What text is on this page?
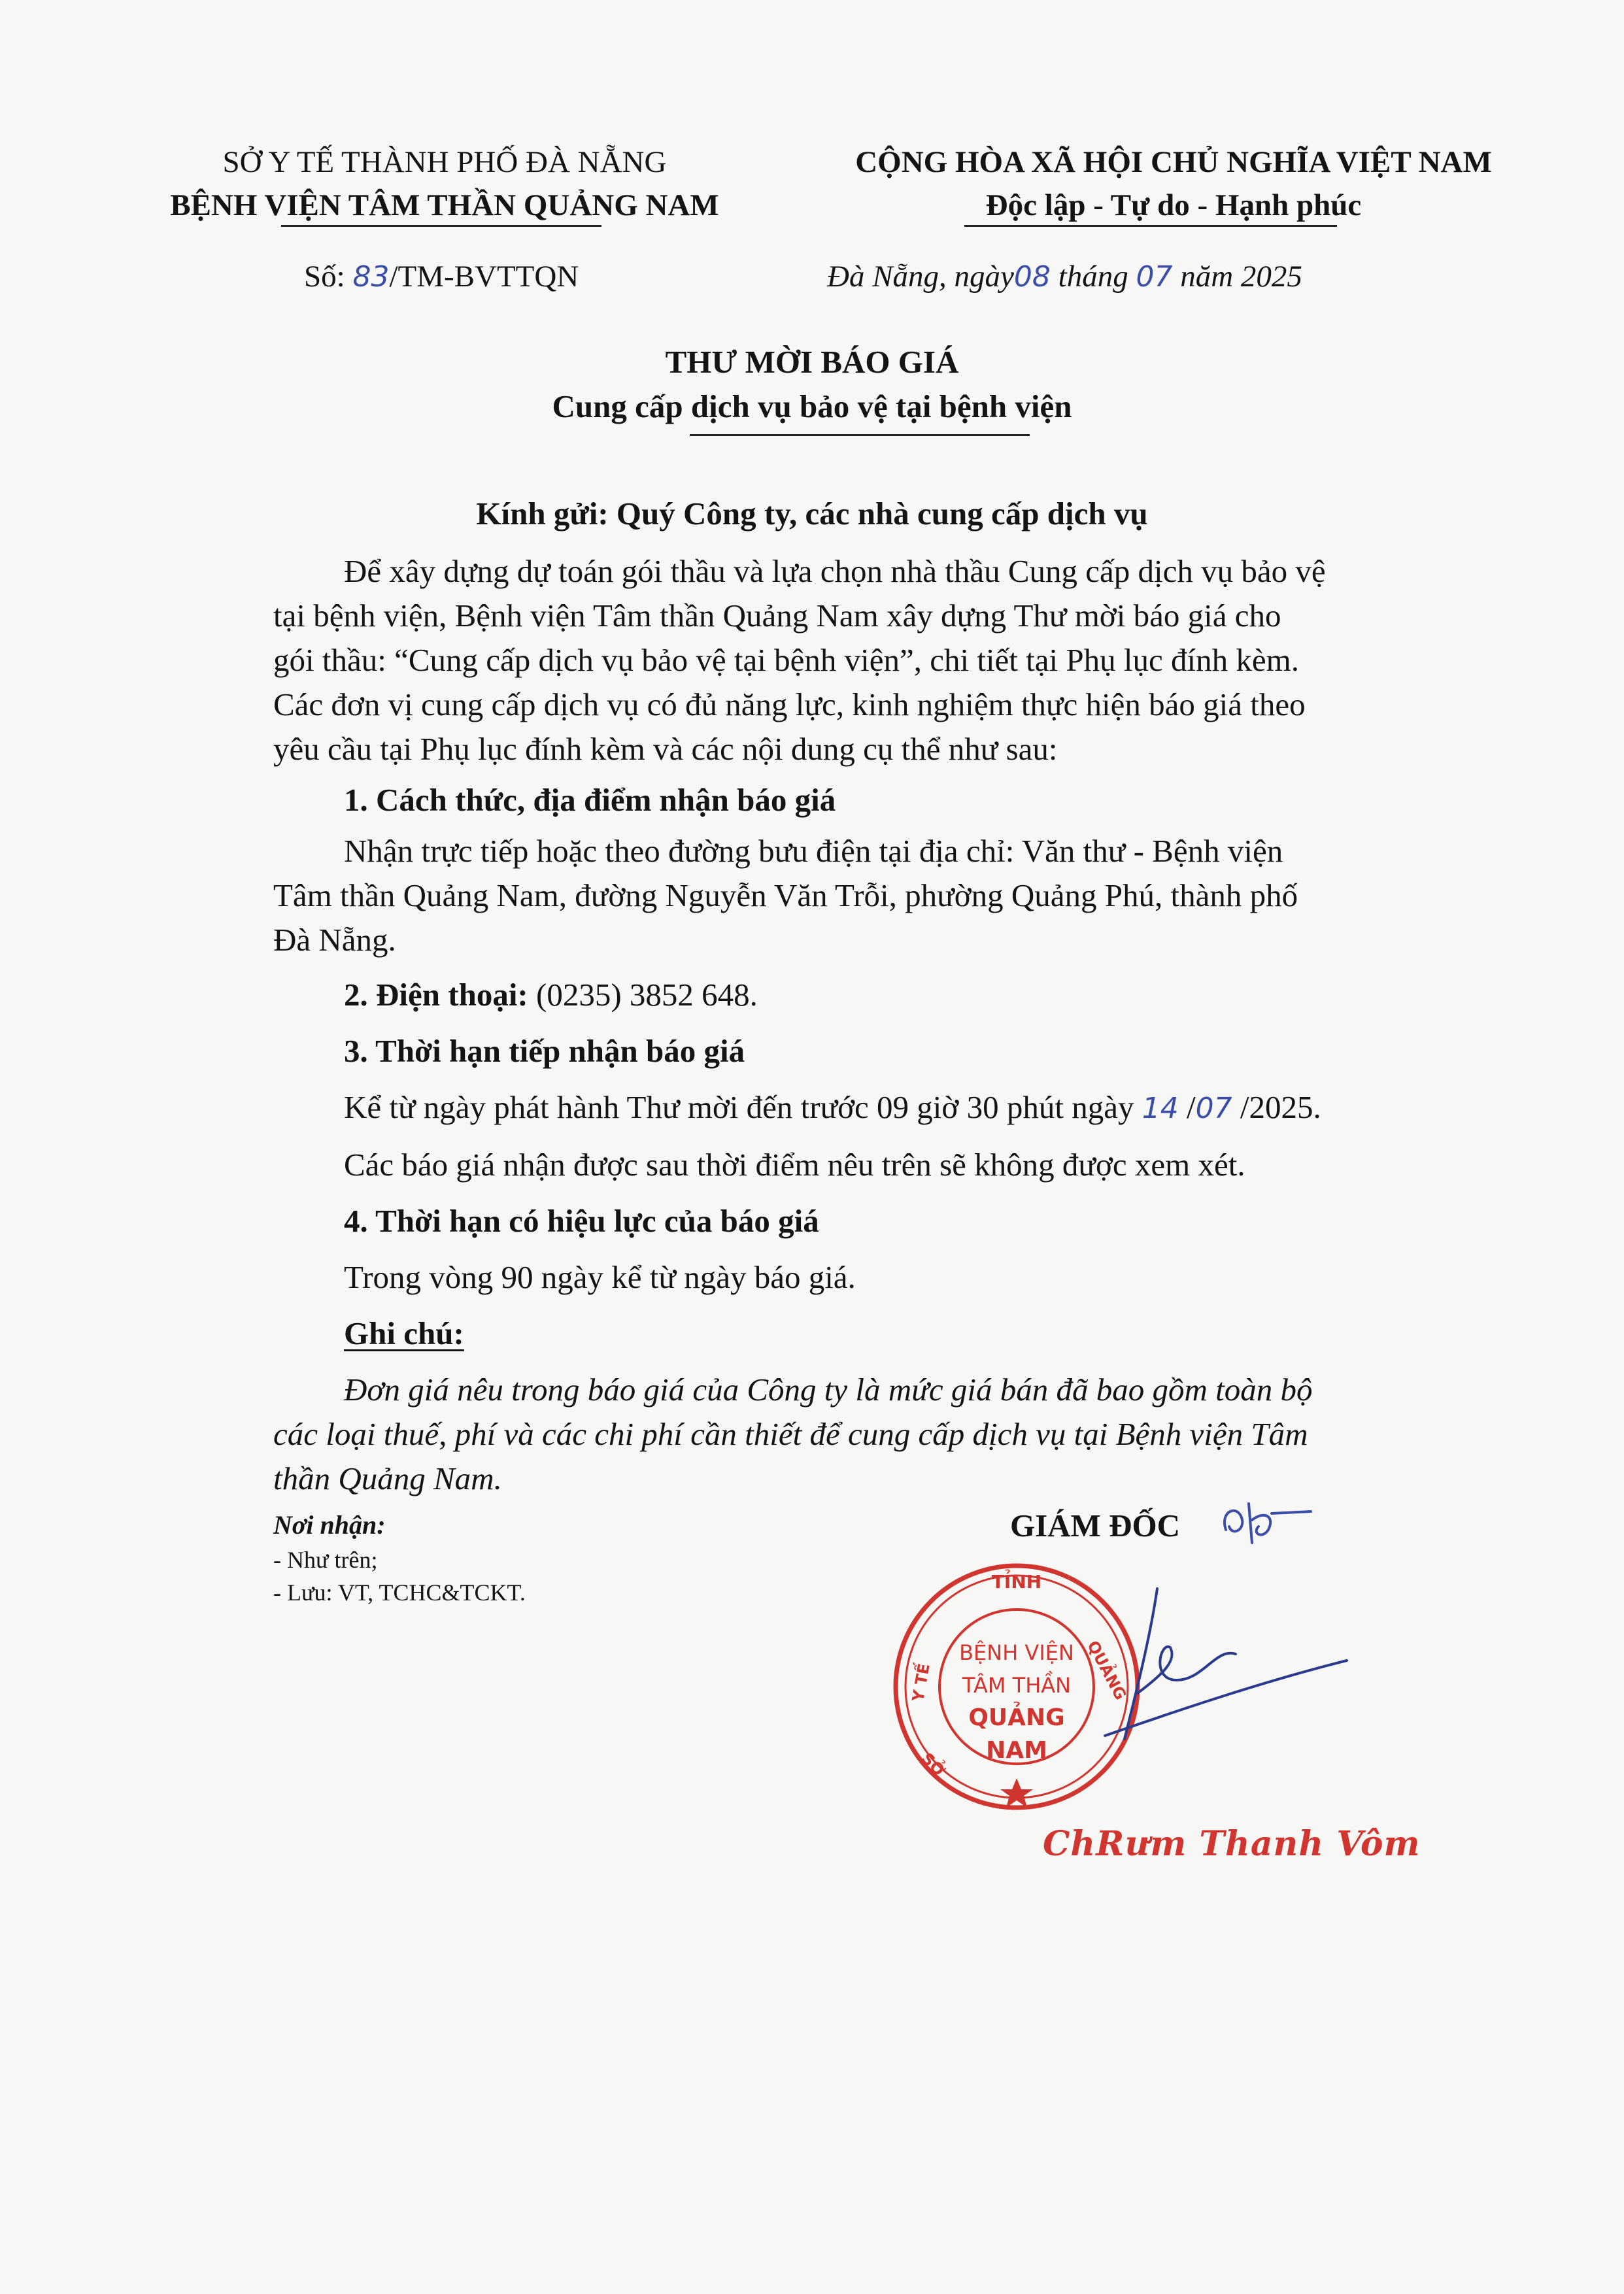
SỞ Y TẾ THÀNH PHỐ ĐÀ NẴNG
BỆNH VIỆN TÂM THẦN QUẢNG NAM
CỘNG HÒA XÃ HỘI CHỦ NGHĨA VIỆT NAM
Độc lập - Tự do - Hạnh phúc
Số: 83/TM-BVTTQN	Đà Nẵng, ngày08 tháng 07 năm 2025
THƯ MỜI BÁO GIÁ
Cung cấp dịch vụ bảo vệ tại bệnh viện
Kính gửi: Quý Công ty, các nhà cung cấp dịch vụ
Để xây dựng dự toán gói thầu và lựa chọn nhà thầu Cung cấp dịch vụ bảo vệ
tại bệnh viện, Bệnh viện Tâm thần Quảng Nam xây dựng Thư mời báo giá cho
gói thầu: “Cung cấp dịch vụ bảo vệ tại bệnh viện”, chi tiết tại Phụ lục đính kèm.
Các đơn vị cung cấp dịch vụ có đủ năng lực, kinh nghiệm thực hiện báo giá theo
yêu cầu tại Phụ lục đính kèm và các nội dung cụ thể như sau:
1. Cách thức, địa điểm nhận báo giá
Nhận trực tiếp hoặc theo đường bưu điện tại địa chỉ: Văn thư - Bệnh viện
Tâm thần Quảng Nam, đường Nguyễn Văn Trỗi, phường Quảng Phú, thành phố
Đà Nẵng.
2. Điện thoại: (0235) 3852 648.
3. Thời hạn tiếp nhận báo giá
Kể từ ngày phát hành Thư mời đến trước 09 giờ 30 phút ngày 14 /07 /2025.
Các báo giá nhận được sau thời điểm nêu trên sẽ không được xem xét.
4. Thời hạn có hiệu lực của báo giá
Trong vòng 90 ngày kể từ ngày báo giá.
Ghi chú:
Đơn giá nêu trong báo giá của Công ty là mức giá bán đã bao gồm toàn bộ
các loại thuế, phí và các chi phí cần thiết để cung cấp dịch vụ tại Bệnh viện Tâm
thần Quảng Nam.
Nơi nhận:
- Như trên;
- Lưu: VT, TCHC&TCKT.
GIÁM ĐỐC
TỈNH
QUẢNG
Y TẾ
SỞ
BỆNH VIỆN
TÂM THẦN
QUẢNG NAM
ChRưm Thanh Vôm
